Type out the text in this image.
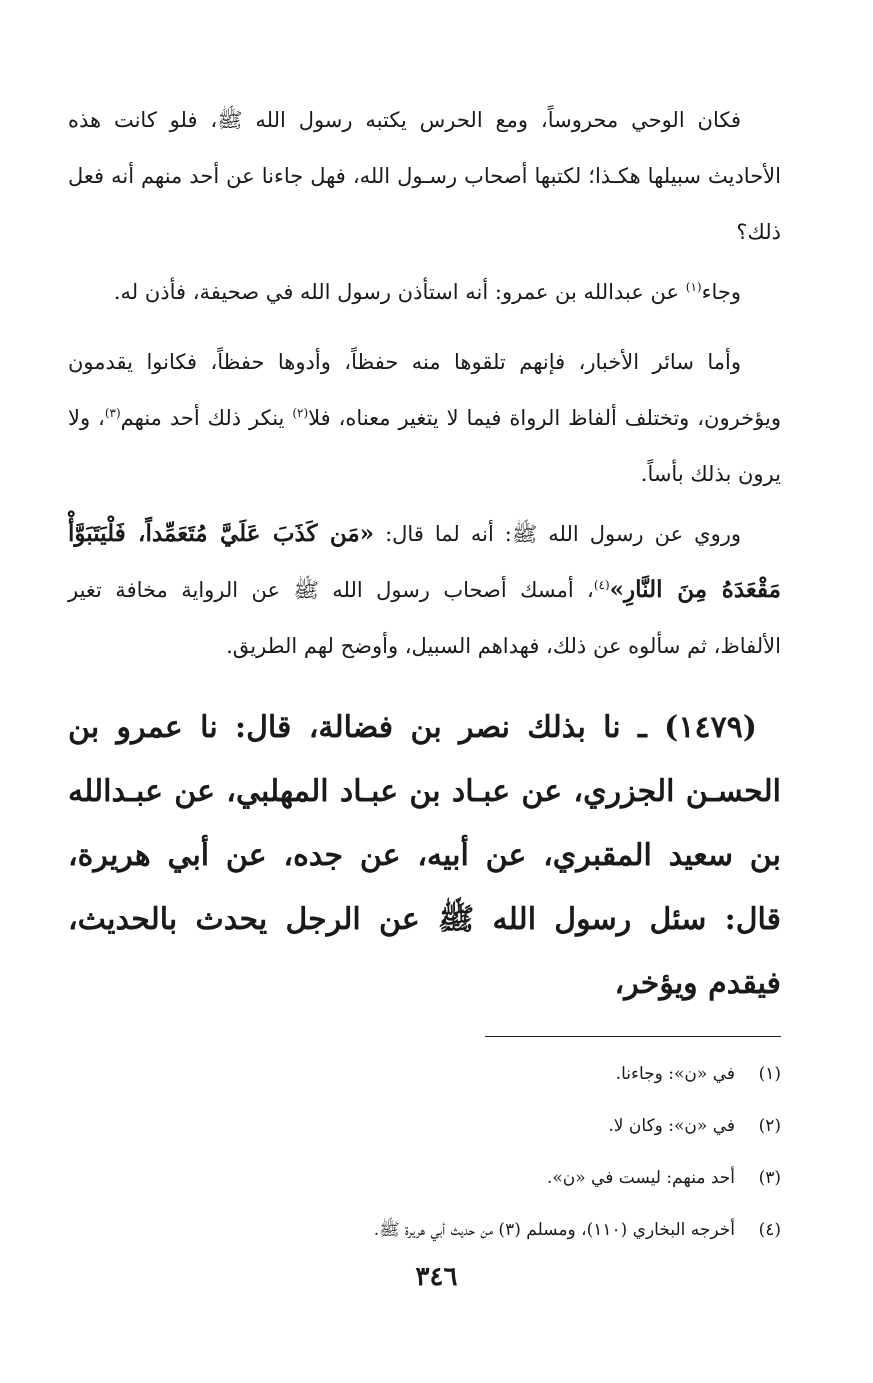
فكان الوحي محروساً، ومع الحرس يكتبه رسول الله ﷺ، فلو كانت هذه الأحاديث سبيلها هكـذا؛ لكتبها أصحاب رسـول الله، فهل جاءنا عن أحد منهم أنه فعل ذلك؟

وجاء$^{(١)}$ عن عبدالله بن عمرو: أنه استأذن رسول الله في صحيفة، فأذن له.

وأما سائر الأخبار، فإنهم تلقوها منه حفظاً، وأدوها حفظاً، فكانوا يقدمون ويؤخرون، وتختلف ألفاظ الرواة فيما لا يتغير معناه، فلا$^{(٢)}$ ينكر ذلك أحد منهم$^{(٣)}$، ولا يرون بذلك بأساً.

وروي عن رسول الله ﷺ: أنه لما قال: «مَن كَذَبَ عَلَيَّ مُتَعَمِّداً، فَلْيَتَبَوَّأْ مَقْعَدَهُ مِنَ النَّارِ»$^{(٤)}$، أمسك أصحاب رسول الله ﷺ عن الرواية مخافة تغير الألفاظ، ثم سألوه عن ذلك، فهداهم السبيل، وأوضح لهم الطريق.

(١٤٧٩) ـ نا بذلك نصر بن فضالة، قال: نا عمرو بن الحسـن الجزري، عن عبـاد بن عبـاد المهلبي، عن عبـدالله بن سعيد المقبري، عن أبيه، عن جده، عن أبي هريرة، قال: سئل رسول الله ﷺ عن الرجل يحدث بالحديث، فيقدم ويؤخر،

(١)
في «ن»: وجاءنا.

(٢)
في «ن»: وكان لا.

(٣)
أحد منهم: ليست في «ن».

(٤)
أخرجه البخاري (١١٠)، ومسلم (٣) من حديث أبي هريرة ﷺ.

٣٤٦
